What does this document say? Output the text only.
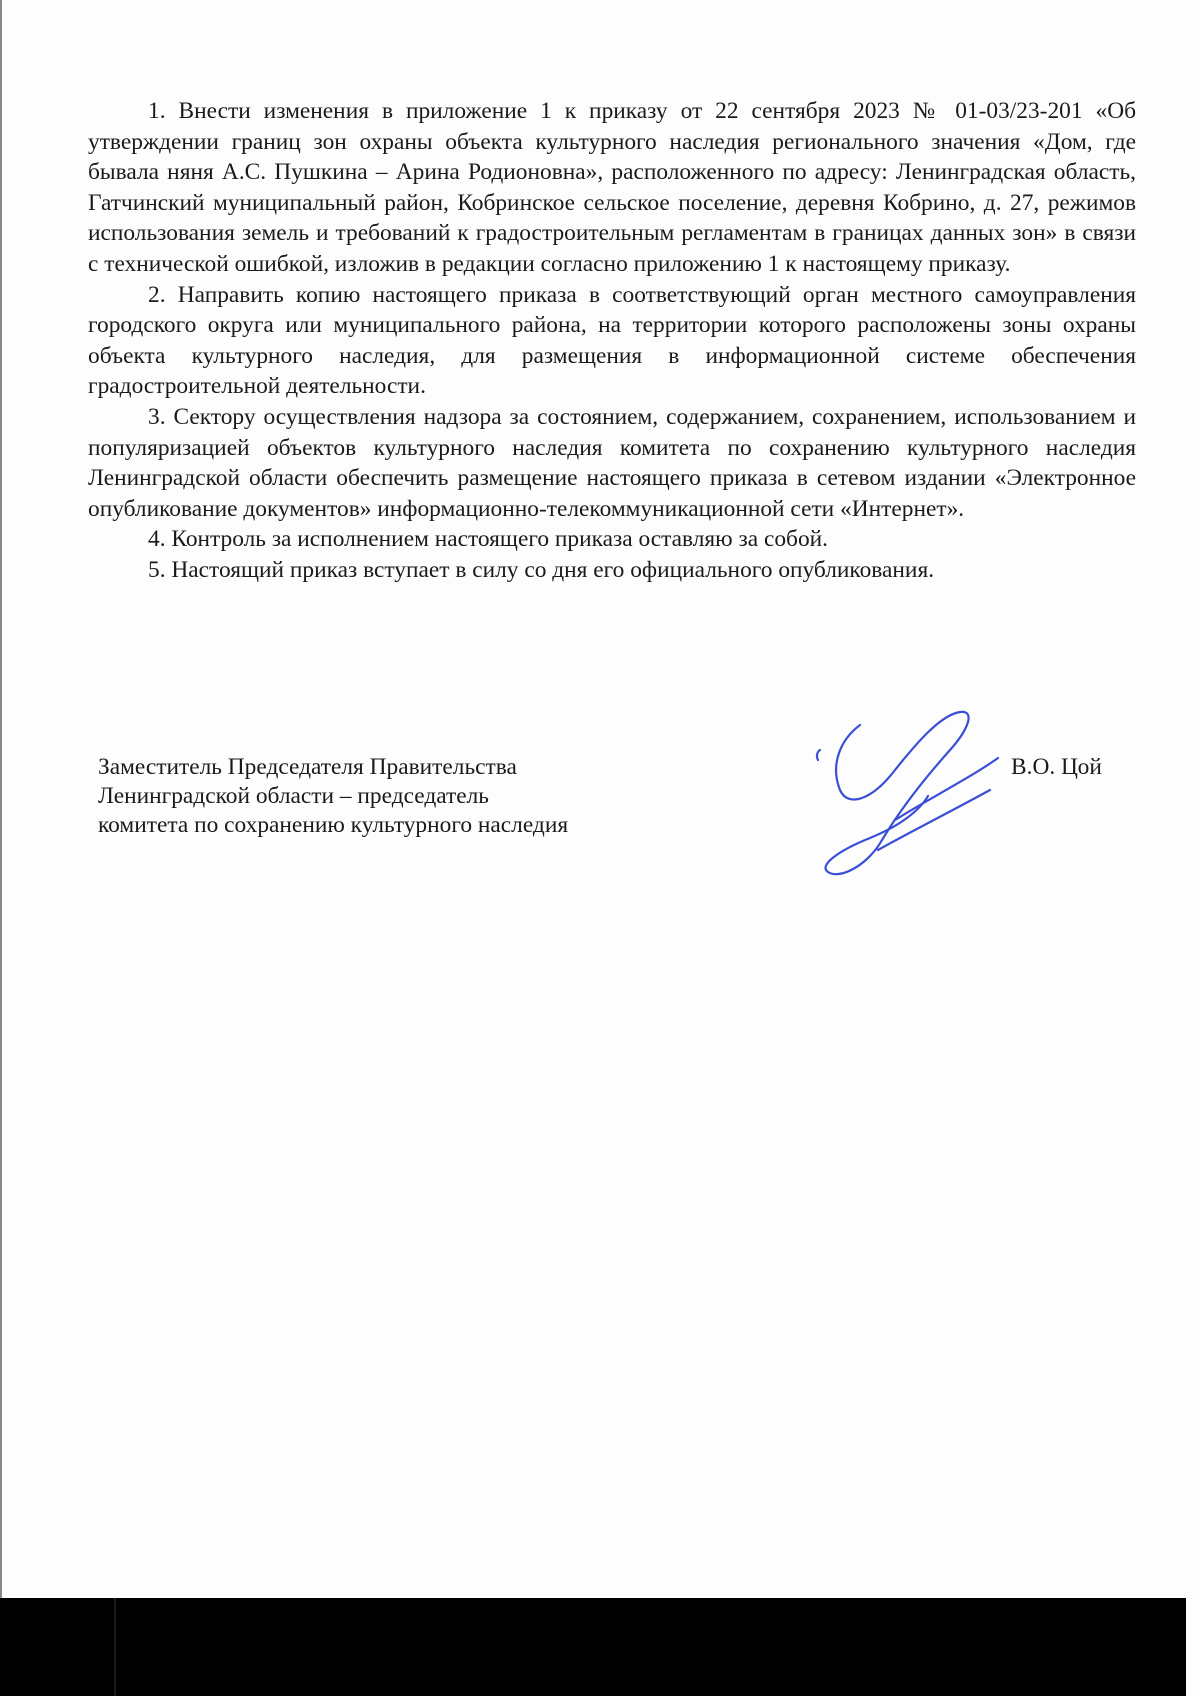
1. Внести изменения в приложение 1 к приказу от 22 сентября 2023 № 01-03/23-201 «Об утверждении границ зон охраны объекта культурного наследия регионального значения «Дом, где бывала няня А.С. Пушкина – Арина Родионовна», расположенного по адресу: Ленинградская область, Гатчинский муниципальный район, Кобринское сельское поселение, деревня Кобрино, д. 27, режимов использования земель и требований к градостроительным регламентам в границах данных зон» в связи с технической ошибкой, изложив в редакции согласно приложению 1 к настоящему приказу.

2. Направить копию настоящего приказа в соответствующий орган местного самоуправления городского округа или муниципального района, на территории которого расположены зоны охраны объекта культурного наследия, для размещения в информационной системе обеспечения градостроительной деятельности.

3. Сектору осуществления надзора за состоянием, содержанием, сохранением, использованием и популяризацией объектов культурного наследия комитета по сохранению культурного наследия Ленинградской области обеспечить размещение настоящего приказа в сетевом издании «Электронное опубликование документов» информационно-телекоммуникационной сети «Интернет».

4. Контроль за исполнением настоящего приказа оставляю за собой.

5. Настоящий приказ вступает в силу со дня его официального опубликования.

Заместитель Председателя Правительства
Ленинградской области – председатель
комитета по сохранению культурного наследия
В.О. Цой
